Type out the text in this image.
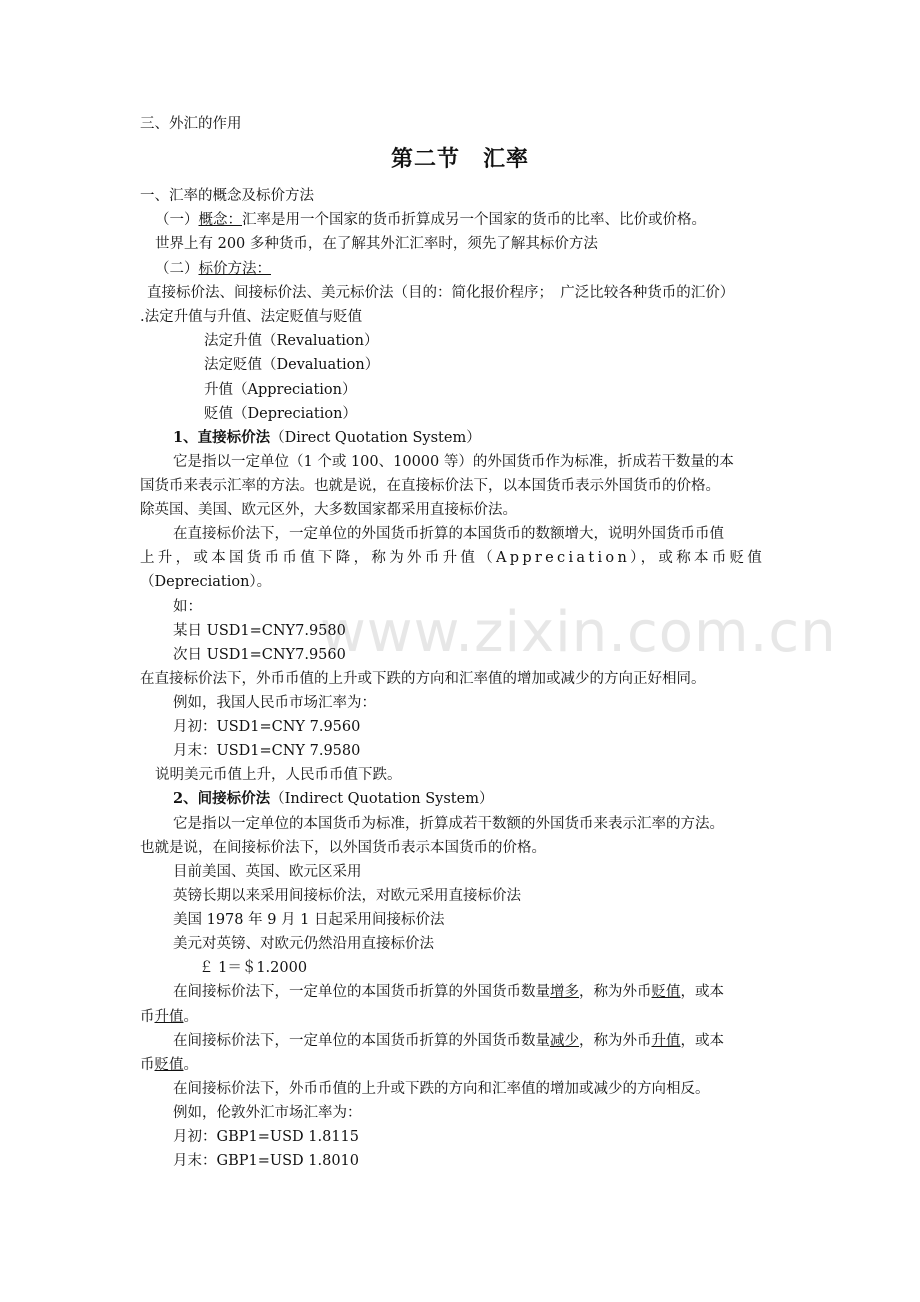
www.zixin.com.cn
三、外汇的作用
第二节　汇率
一、汇率的概念及标价方法
（一）概念：汇率是用一个国家的货币折算成另一个国家的货币的比率、比价或价格。
世界上有 200 多种货币，在了解其外汇汇率时，须先了解其标价方法
（二）标价方法：
直接标价法、间接标价法、美元标价法（目的：简化报价程序；　广泛比较各种货币的汇价）
.法定升值与升值、法定贬值与贬值
法定升值（Revaluation）
法定贬值（Devaluation）
升值（Appreciation）
贬值（Depreciation）
1、直接标价法（Direct Quotation System）
它是指以一定单位（1 个或 100、10000 等）的外国货币作为标准，折成若干数量的本
国货币来表示汇率的方法。也就是说，在直接标价法下，以本国货币表示外国货币的价格。
除英国、美国、欧元区外，大多数国家都采用直接标价法。
在直接标价法下，一定单位的外国货币折算的本国货币的数额增大，说明外国货币币值
上升，或本国货币币值下降，称为外币升值（Appreciation），或称本币贬值
（Depreciation）。
如：
某日 USD1=CNY7.9580
次日 USD1=CNY7.9560
在直接标价法下，外币币值的上升或下跌的方向和汇率值的增加或减少的方向正好相同。
例如，我国人民币市场汇率为：
月初：USD1=CNY 7.9560
月末：USD1=CNY 7.9580
说明美元币值上升，人民币币值下跌。
2、间接标价法（Indirect Quotation System）
它是指以一定单位的本国货币为标准，折算成若干数额的外国货币来表示汇率的方法。
也就是说，在间接标价法下，以外国货币表示本国货币的价格。
目前美国、英国、欧元区采用
英镑长期以来采用间接标价法，对欧元采用直接标价法
美国 1978 年 9 月 1 日起采用间接标价法
美元对英镑、对欧元仍然沿用直接标价法
￡ 1＝＄1.2000
在间接标价法下，一定单位的本国货币折算的外国货币数量增多，称为外币贬值，或本
币升值。
在间接标价法下，一定单位的本国货币折算的外国货币数量减少，称为外币升值，或本
币贬值。
在间接标价法下，外币币值的上升或下跌的方向和汇率值的增加或减少的方向相反。
例如，伦敦外汇市场汇率为：
月初：GBP1=USD 1.8115
月末：GBP1=USD 1.8010
